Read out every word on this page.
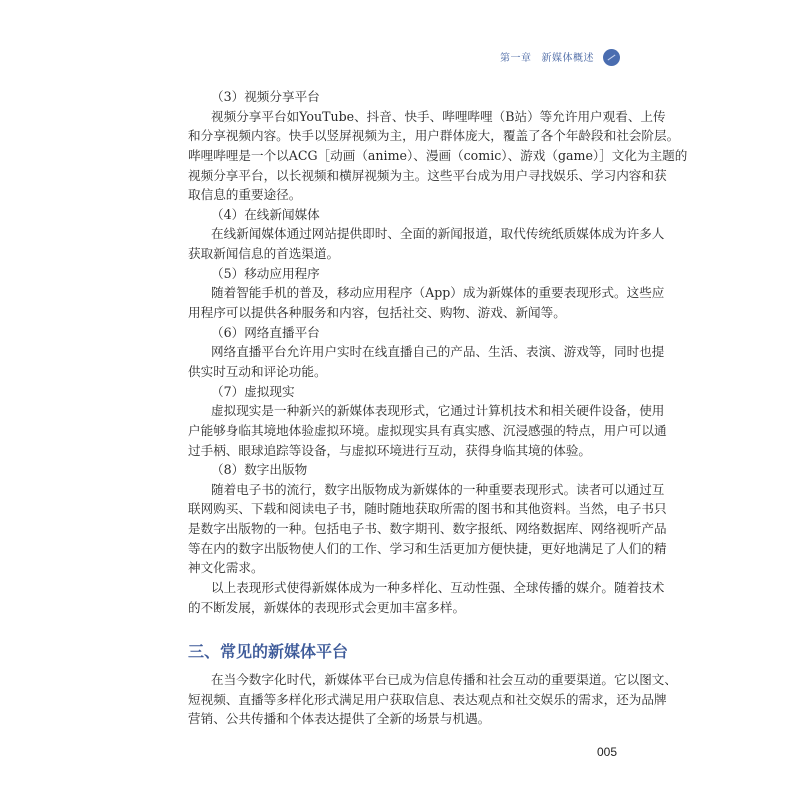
第一章 新媒体概述
（3）视频分享平台
视频分享平台如YouTube、抖音、快手、哔哩哔哩（B站）等允许用户观看、上传
和分享视频内容。快手以竖屏视频为主，用户群体庞大，覆盖了各个年龄段和社会阶层。
哔哩哔哩是一个以ACG［动画（anime）、漫画（comic）、游戏（game）］文化为主题的
视频分享平台，以长视频和横屏视频为主。这些平台成为用户寻找娱乐、学习内容和获
取信息的重要途径。
（4）在线新闻媒体
在线新闻媒体通过网站提供即时、全面的新闻报道，取代传统纸质媒体成为许多人
获取新闻信息的首选渠道。
（5）移动应用程序
随着智能手机的普及，移动应用程序（App）成为新媒体的重要表现形式。这些应
用程序可以提供各种服务和内容，包括社交、购物、游戏、新闻等。
（6）网络直播平台
网络直播平台允许用户实时在线直播自己的产品、生活、表演、游戏等，同时也提
供实时互动和评论功能。
（7）虚拟现实
虚拟现实是一种新兴的新媒体表现形式，它通过计算机技术和相关硬件设备，使用
户能够身临其境地体验虚拟环境。虚拟现实具有真实感、沉浸感强的特点，用户可以通
过手柄、眼球追踪等设备，与虚拟环境进行互动，获得身临其境的体验。
（8）数字出版物
随着电子书的流行，数字出版物成为新媒体的一种重要表现形式。读者可以通过互
联网购买、下载和阅读电子书，随时随地获取所需的图书和其他资料。当然，电子书只
是数字出版物的一种。包括电子书、数字期刊、数字报纸、网络数据库、网络视听产品
等在内的数字出版物使人们的工作、学习和生活更加方便快捷，更好地满足了人们的精
神文化需求。
以上表现形式使得新媒体成为一种多样化、互动性强、全球传播的媒介。随着技术
的不断发展，新媒体的表现形式会更加丰富多样。
三、常见的新媒体平台
在当今数字化时代，新媒体平台已成为信息传播和社会互动的重要渠道。它以图文、
短视频、直播等多样化形式满足用户获取信息、表达观点和社交娱乐的需求，还为品牌
营销、公共传播和个体表达提供了全新的场景与机遇。
005
